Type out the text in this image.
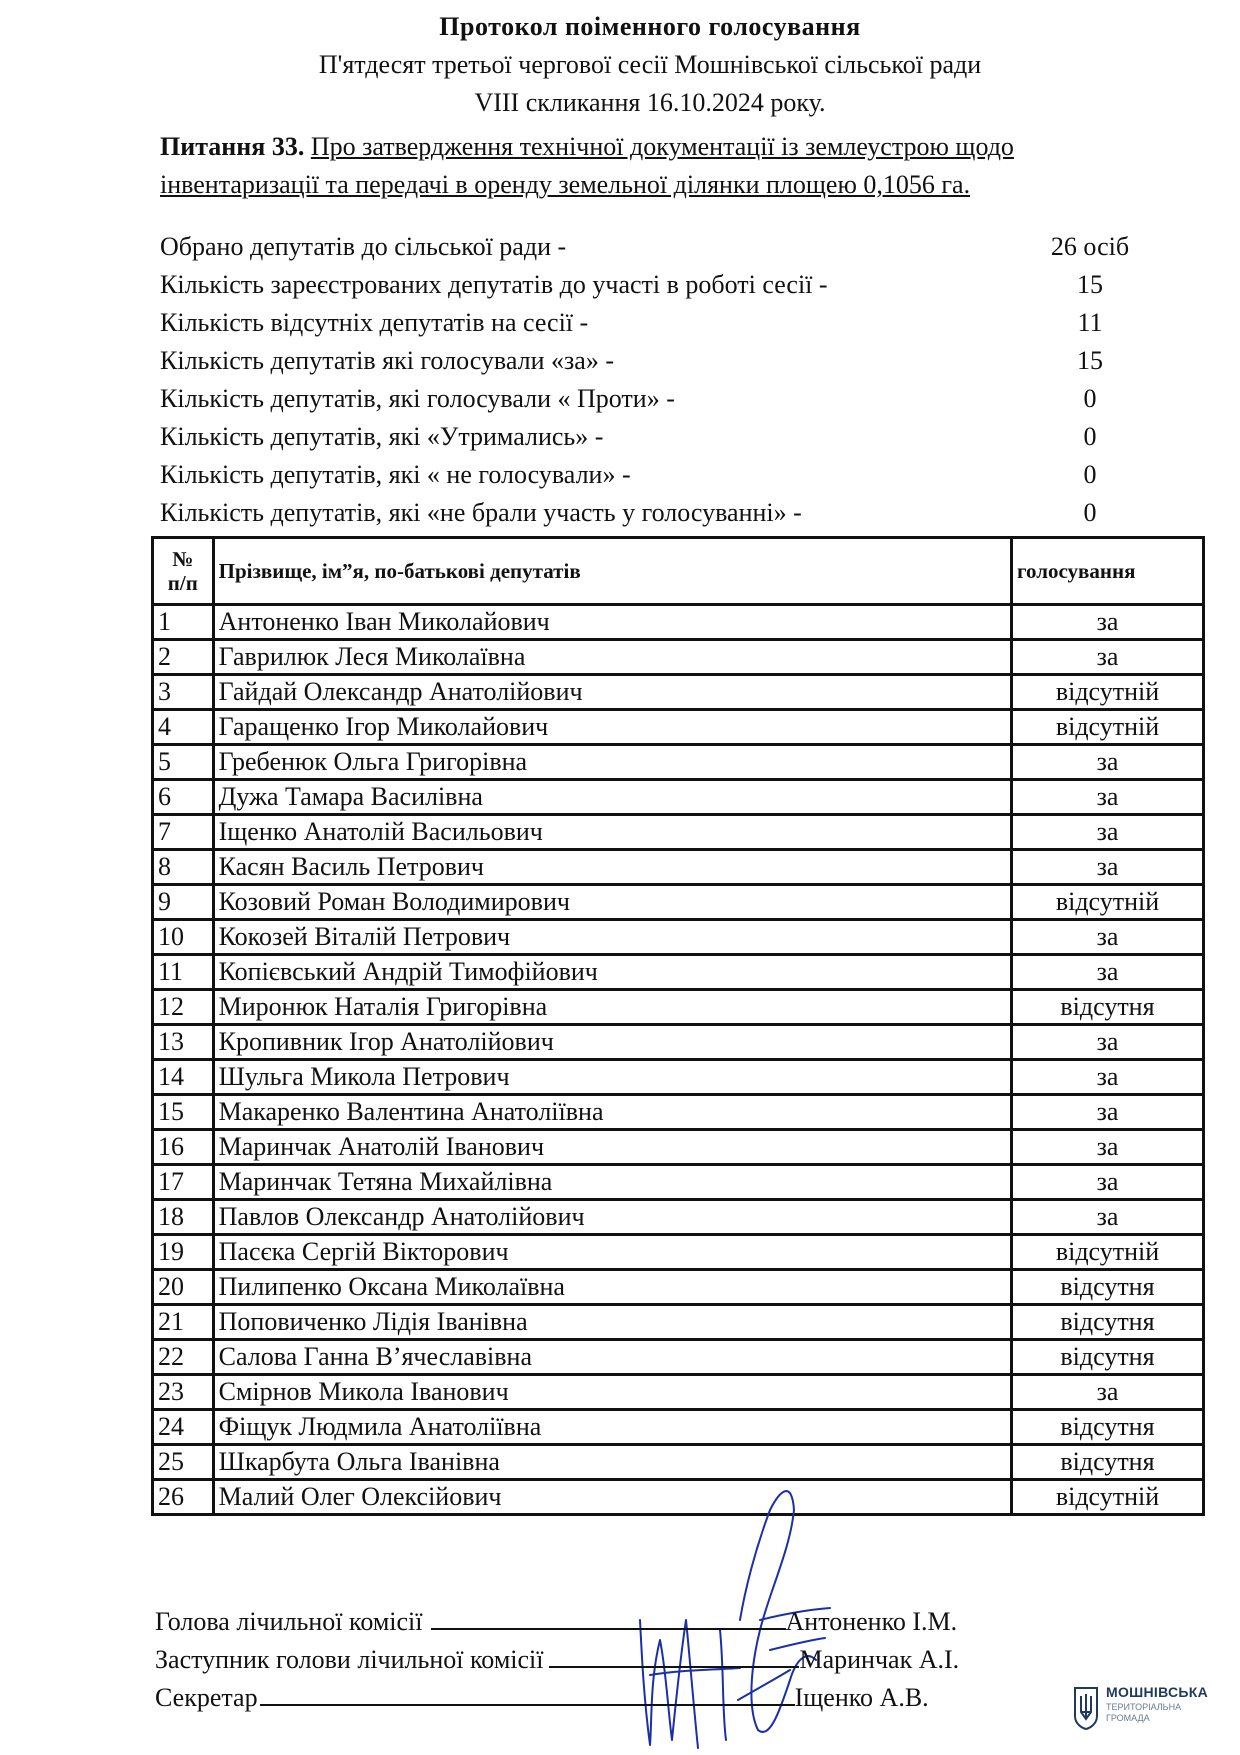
Протокол поіменного голосування
П'ятдесят третьої чергової сесії Мошнівської сільської ради
VIII скликання 16.10.2024 року.
Питання 33. Про затвердження технічної документації із землеустрою щодо інвентаризації та передачі в оренду земельної ділянки площею 0,1056 га.
Обрано депутатів до сільської ради -	26 осіб
Кількість зареєстрованих депутатів до участі в роботі сесії -	15
Кількість відсутніх депутатів на сесії -	11
Кількість депутатів які голосували «за» -	15
Кількість депутатів, які голосували « Проти» -	0
Кількість депутатів, які «Утримались» -	0
Кількість депутатів, які « не голосували» -	0
Кількість депутатів, які «не брали участь у голосуванні» -	0
№
п/п	Прізвище, ім”я, по-батькові депутатів	голосування
1	Антоненко Іван Миколайович	за
2	Гаврилюк Леся Миколаївна	за
3	Гайдай Олександр Анатолійович	відсутній
4	Гаращенко Ігор Миколайович	відсутній
5	Гребенюк Ольга Григорівна	за
6	Дужа Тамара Василівна	за
7	Іщенко Анатолій Васильович	за
8	Касян Василь Петрович	за
9	Козовий Роман Володимирович	відсутній
10	Кокозей Віталій Петрович	за
11	Копієвський Андрій Тимофійович	за
12	Миронюк Наталія Григорівна	відсутня
13	Кропивник Ігор Анатолійович	за
14	Шульга Микола Петрович	за
15	Макаренко Валентина Анатоліївна	за
16	Маринчак Анатолій Іванович	за
17	Маринчак Тетяна Михайлівна	за
18	Павлов Олександр Анатолійович	за
19	Пасєка Сергій Вікторович	відсутній
20	Пилипенко Оксана Миколаївна	відсутня
21	Поповиченко Лідія Іванівна	відсутня
22	Салова Ганна В’ячеславівна	відсутня
23	Смірнов Микола Іванович	за
24	Фіщук Людмила Анатоліївна	відсутня
25	Шкарбута Ольга Іванівна	відсутня
26	Малий Олег Олексійович	відсутній
Голова лічильної комісії	Антоненко І.М.
Заступник голови лічильної комісії	Маринчак А.І.
Секретар	Іщенко А.В.	МОШНІВСЬКА
ТЕРИТОРІАЛЬНА ГРОМАДА
